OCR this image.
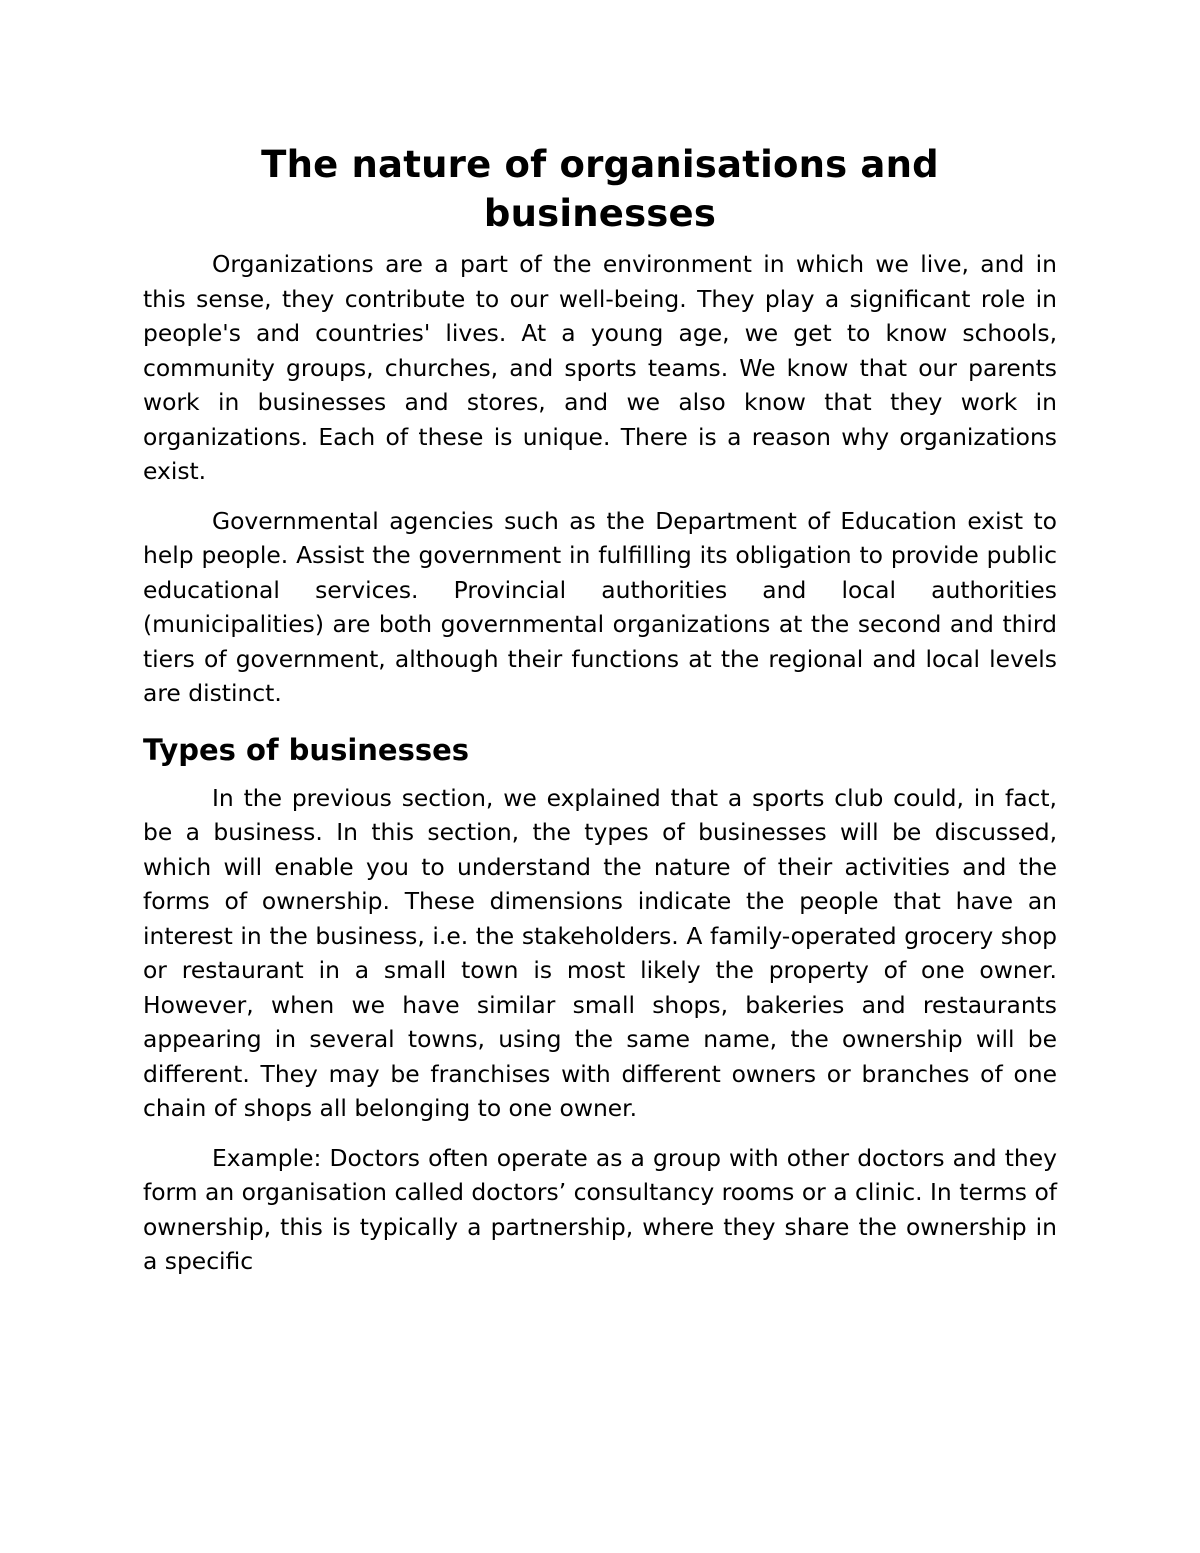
The nature of organisations and businesses

Organizations are a part of the environment in which we live, and in this sense, they contribute to our well-being. They play a significant role in people's and countries' lives. At a young age, we get to know schools, community groups, churches, and sports teams. We know that our parents work in businesses and stores, and we also know that they work in organizations. Each of these is unique. There is a reason why organizations exist.

Governmental agencies such as the Department of Education exist to help people. Assist the government in fulfilling its obligation to provide public educational services. Provincial authorities and local authorities (municipalities) are both governmental organizations at the second and third tiers of government, although their functions at the regional and local levels are distinct.

Types of businesses

In the previous section, we explained that a sports club could, in fact, be a business. In this section, the types of businesses will be discussed, which will enable you to understand the nature of their activities and the forms of ownership. These dimensions indicate the people that have an interest in the business, i.e. the stakeholders. A family-operated grocery shop or restaurant in a small town is most likely the property of one owner. However, when we have similar small shops, bakeries and restaurants appearing in several towns, using the same name, the ownership will be different. They may be franchises with different owners or branches of one chain of shops all belonging to one owner.

Example: Doctors often operate as a group with other doctors and they form an organisation called doctors’ consultancy rooms or a clinic. In terms of ownership, this is typically a partnership, where they share the ownership in a specific
